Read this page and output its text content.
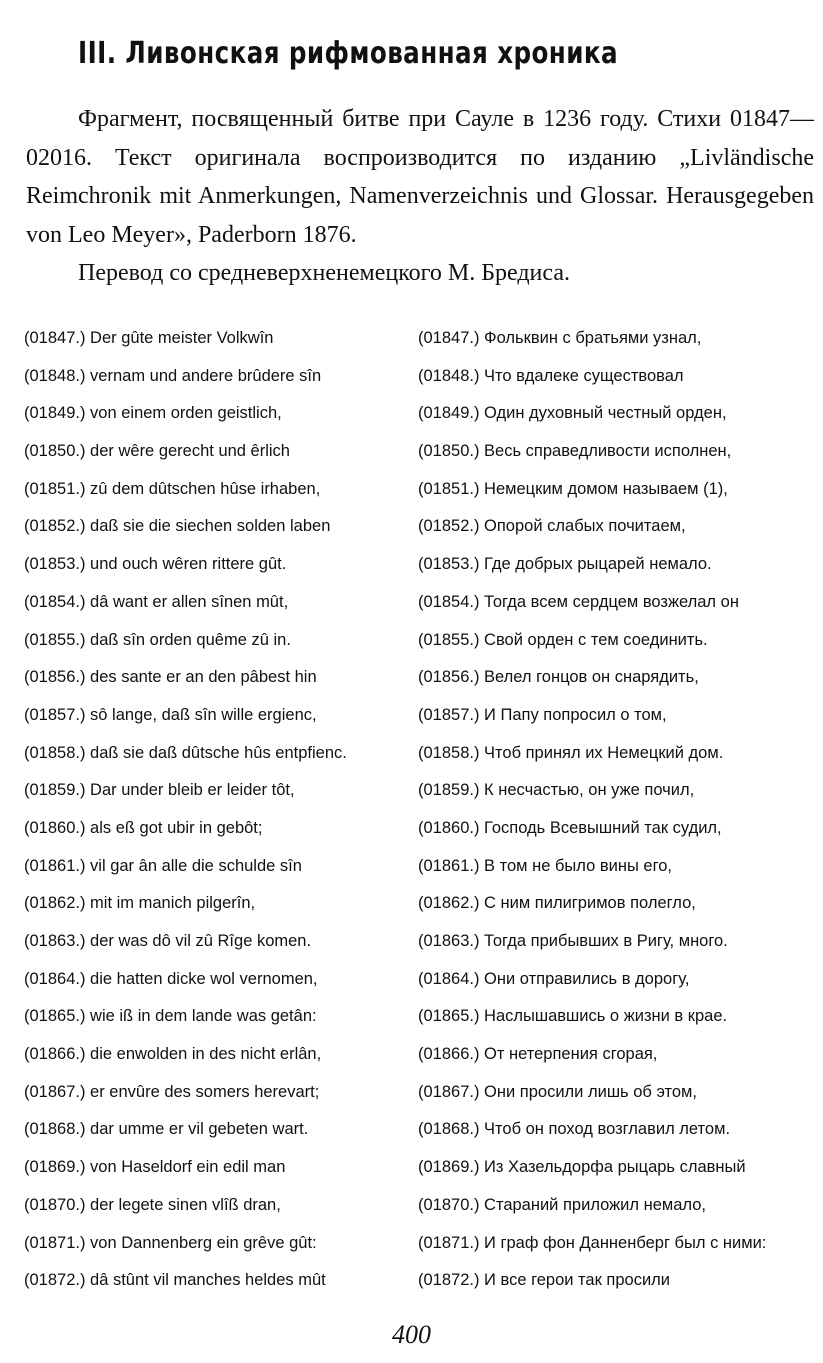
III. Ливонская рифмованная хроника

Фрагмент, посвященный битве при Сауле в 1236 году. Стихи 01847—02016. Текст оригинала воспроизводится по изданию „Livländische Reimchronik mit Anmerkungen, Namenverzeichnis und Glossar. Herausgegeben von Leo Meyer», Paderborn 1876.

Перевод со средневерхненемецкого М. Бредиса.

(01847.) Der gûte meister Volkwîn	(01847.) Фольквин с братьями узнал,
(01848.) vernam und andere brûdere sîn	(01848.) Что вдалеке существовал
(01849.) von einem orden geistlich,	(01849.) Один духовный честный орден,
(01850.) der wêre gerecht und êrlich	(01850.) Весь справедливости исполнен,
(01851.) zû dem dûtschen hûse irhaben,	(01851.) Немецким домом называем (1),
(01852.) daß sie die siechen solden laben	(01852.) Опорой слабых почитаем,
(01853.) und ouch wêren rittere gût.	(01853.) Где добрых рыцарей немало.
(01854.) dâ want er allen sînen mût,	(01854.) Тогда всем сердцем возжелал он
(01855.) daß sîn orden quême zû in.	(01855.) Свой орден с тем соединить.
(01856.) des sante er an den pâbest hin	(01856.) Велел гонцов он снарядить,
(01857.) sô lange, daß sîn wille ergienc,	(01857.) И Папу попросил о том,
(01858.) daß sie daß dûtsche hûs entpfienc.	(01858.) Чтоб принял их Немецкий дом.
(01859.) Dar under bleib er leider tôt,	(01859.) К несчастью, он уже почил,
(01860.) als eß got ubir in gebôt;	(01860.) Господь Всевышний так судил,
(01861.) vil gar ân alle die schulde sîn	(01861.) В том не было вины его,
(01862.) mit im manich pilgerîn,	(01862.) С ним пилигримов полегло,
(01863.) der was dô vil zû Rîge komen.	(01863.) Тогда прибывших в Ригу, много.
(01864.) die hatten dicke wol vernomen,	(01864.) Они отправились в дорогу,
(01865.) wie iß in dem lande was getân:	(01865.) Наслышавшись о жизни в крае.
(01866.) die enwolden in des nicht erlân,	(01866.) От нетерпения сгорая,
(01867.) er envûre des somers herevart;	(01867.) Они просили лишь об этом,
(01868.) dar umme er vil gebeten wart.	(01868.) Чтоб он поход возглавил летом.
(01869.) von Haseldorf ein edil man	(01869.) Из Хазельдорфа рыцарь славный
(01870.) der legete sinen vlîß dran,	(01870.) Стараний приложил немало,
(01871.) von Dannenberg ein grêve gût:	(01871.) И граф фон Данненберг был с ними:
(01872.) dâ stûnt vil manches heldes mût	(01872.) И все герои так просили
400
